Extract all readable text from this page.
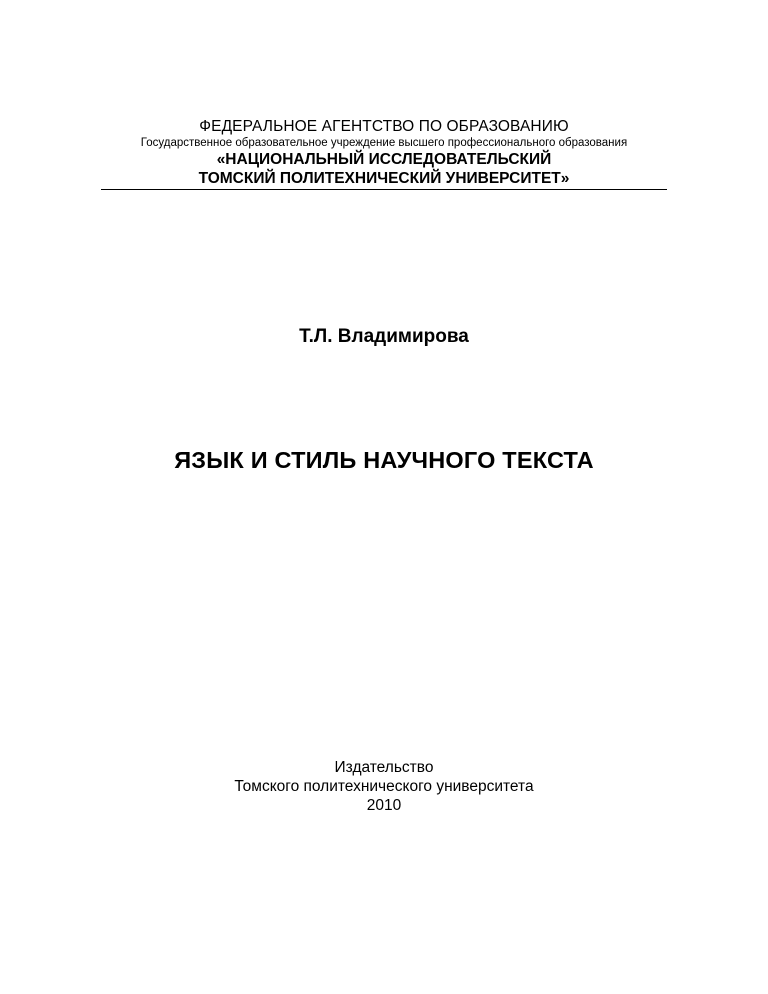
ФЕДЕРАЛЬНОЕ АГЕНТСТВО ПО ОБРАЗОВАНИЮ
Государственное образовательное учреждение высшего профессионального образования
«НАЦИОНАЛЬНЫЙ ИССЛЕДОВАТЕЛЬСКИЙ
ТОМСКИЙ ПОЛИТЕХНИЧЕСКИЙ УНИВЕРСИТЕТ»
Т.Л. Владимирова
ЯЗЫК И СТИЛЬ НАУЧНОГО ТЕКСТА
Издательство
Томского политехнического университета
2010
